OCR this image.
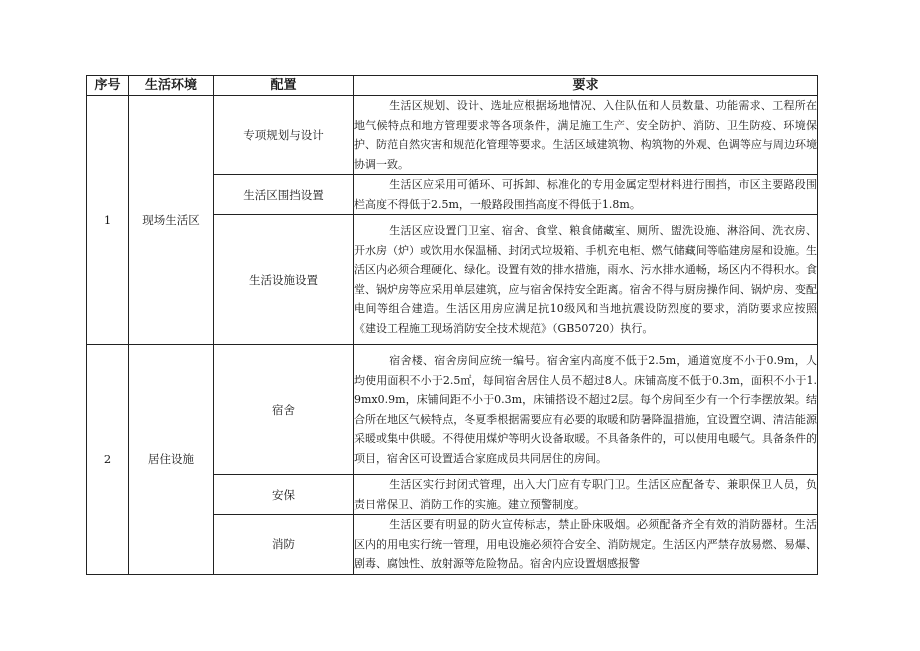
序号	生活环境	配置	要求
1	现场生活区	专项规划与设计	生活区规划、设计、选址应根据场地情况、入住队伍和人员数量、功能需求、工程所在地气候特点和地方管理要求等各项条件，满足施工生产、安全防护、消防、卫生防疫、环境保护、防范自然灾害和规范化管理等要求。生活区域建筑物、构筑物的外观、色调等应与周边环境协调一致。

		生活区围挡设置	生活区应采用可循环、可拆卸、标准化的专用金属定型材料进行围挡，市区主要路段围栏高度不得低于2.5m，一般路段围挡高度不得低于1.8m。

		生活设施设置	生活区应设置门卫室、宿舍、食堂、粮食储藏室、厕所、盥洗设施、淋浴间、洗衣房、开水房（炉）或饮用水保温桶、封闭式垃圾箱、手机充电柜、燃气储藏间等临建房屋和设施。生活区内必须合理硬化、绿化。设置有效的排水措施，雨水、污水排水通畅，场区内不得积水。食堂、锅炉房等应采用单层建筑，应与宿舍保持安全距离。宿舍不得与厨房操作间、锅炉房、变配电间等组合建造。生活区用房应满足抗10级风和当地抗震设防烈度的要求，消防要求应按照《建设工程施工现场消防安全技术规范》（GB50720）执行。

2	居住设施	宿舍	宿舍楼、宿舍房间应统一编号。宿舍室内高度不低于2.5m，通道宽度不小于0.9m，人均使用面积不小于2.5㎡，每间宿舍居住人员不超过8人。床铺高度不低于0.3m，面积不小于1.9mx0.9m，床铺间距不小于0.3m，床铺搭设不超过2层。每个房间至少有一个行李摆放架。结合所在地区气候特点，冬夏季根据需要应有必要的取暖和防暑降温措施，宜设置空调、清洁能源采暖或集中供暖。不得使用煤炉等明火设备取暖。不具备条件的，可以使用电暖气。具备条件的项目，宿舍区可设置适合家庭成员共同居住的房间。

		安保	生活区实行封闭式管理，出入大门应有专职门卫。生活区应配备专、兼职保卫人员，负责日常保卫、消防工作的实施。建立预警制度。

		消防	生活区要有明显的防火宣传标志，禁止卧床吸烟。必须配备齐全有效的消防器材。生活区内的用电实行统一管理，用电设施必须符合安全、消防规定。生活区内严禁存放易燃、易爆、剧毒、腐蚀性、放射源等危险物品。宿舍内应设置烟感报警
